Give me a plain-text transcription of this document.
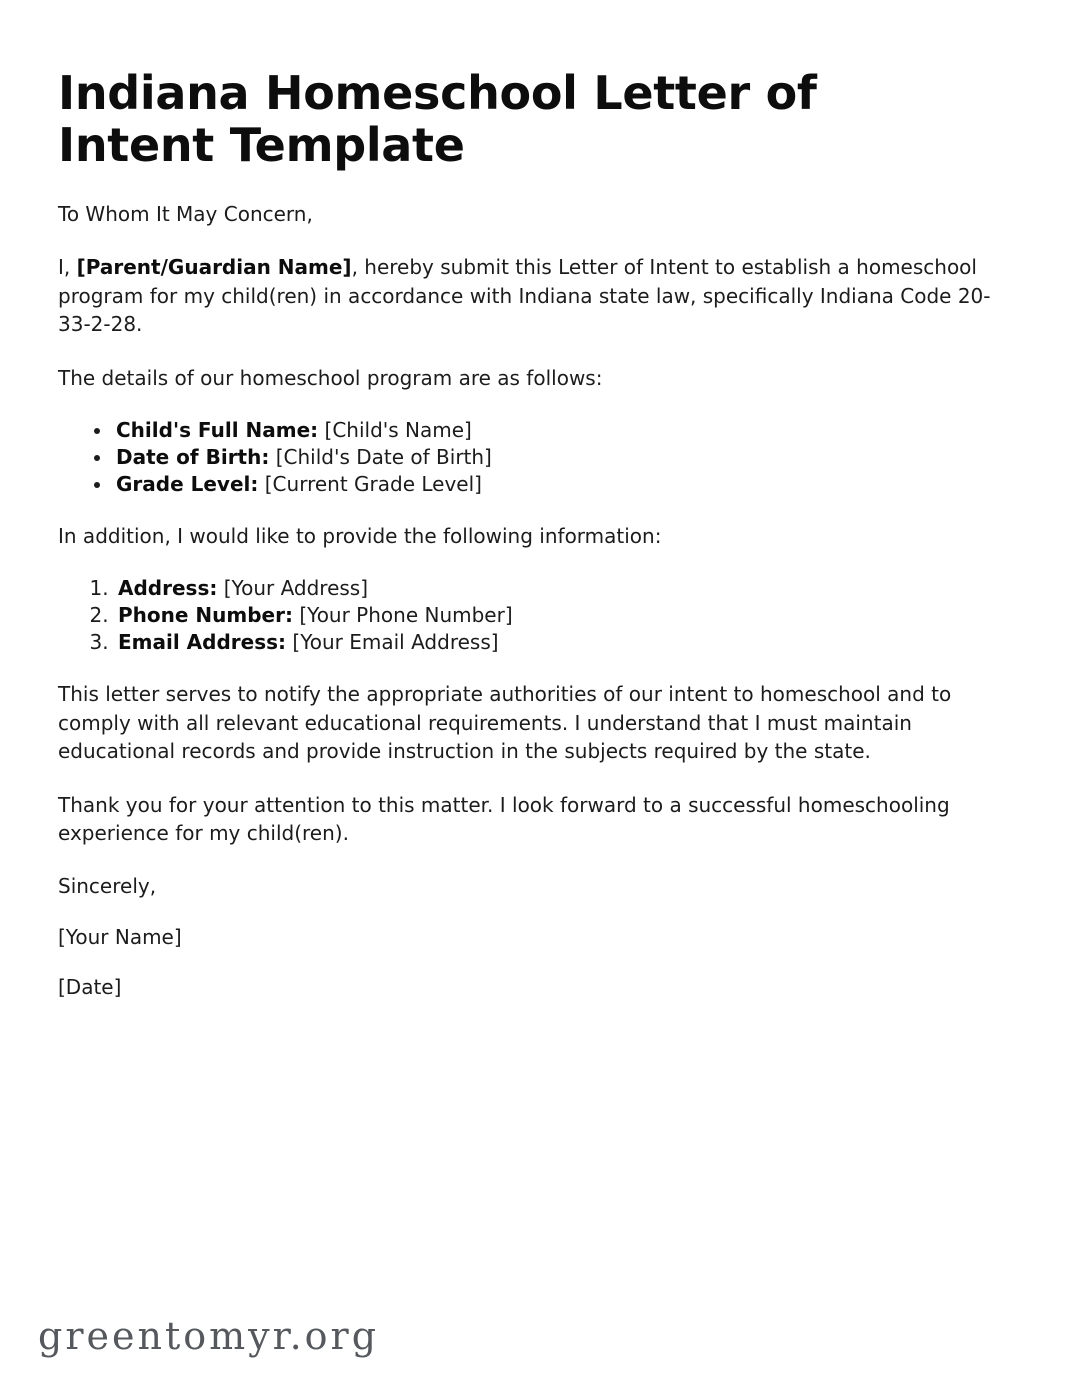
Indiana Homeschool Letter of Intent Template

To Whom It May Concern,

I, [Parent/Guardian Name], hereby submit this Letter of Intent to establish a homeschool program for my child(ren) in accordance with Indiana state law, specifically Indiana Code 20-33-2-28.

The details of our homeschool program are as follows:

• Child's Full Name: [Child's Name]
• Date of Birth: [Child's Date of Birth]
• Grade Level: [Current Grade Level]

In addition, I would like to provide the following information:

1. Address: [Your Address]
2. Phone Number: [Your Phone Number]
3. Email Address: [Your Email Address]

This letter serves to notify the appropriate authorities of our intent to homeschool and to comply with all relevant educational requirements. I understand that I must maintain educational records and provide instruction in the subjects required by the state.

Thank you for your attention to this matter. I look forward to a successful homeschooling experience for my child(ren).

Sincerely,

[Your Name]

[Date]

greentomyr.org
